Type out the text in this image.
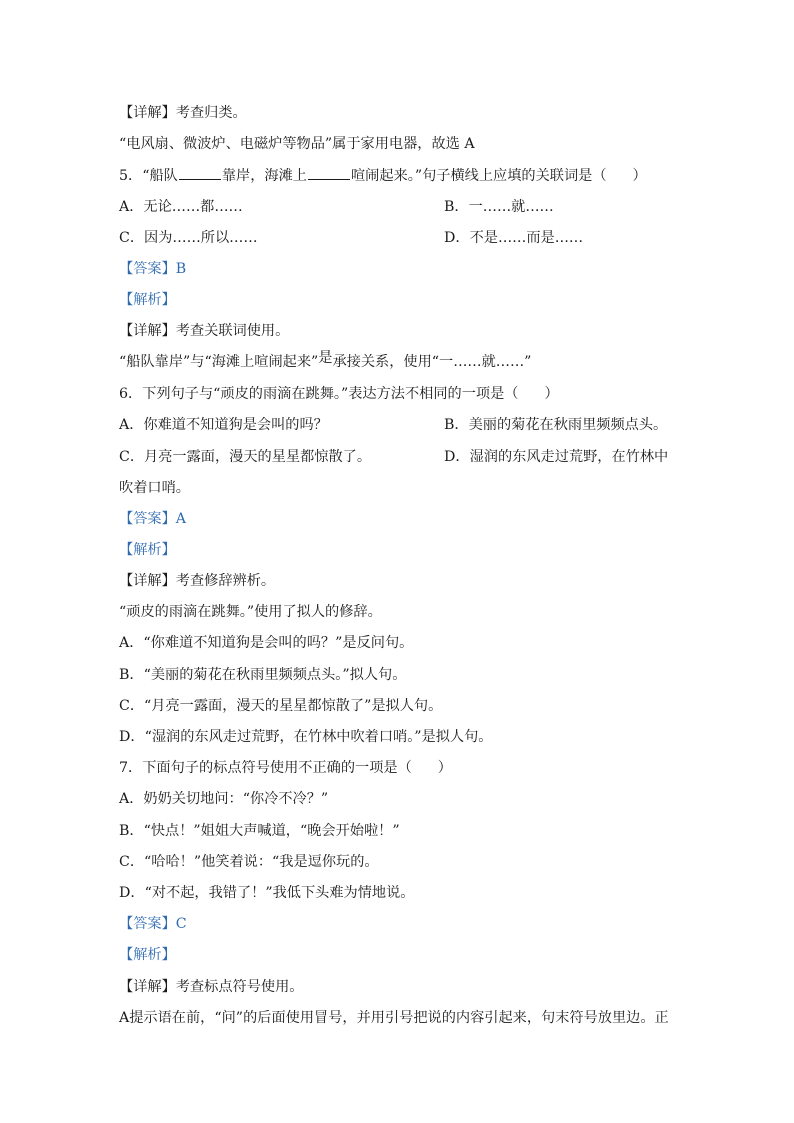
【详解】考查归类。
“电风扇、微波炉、电磁炉等物品”属于家用电器，故选 A
5．“船队	靠岸，海滩上	喧闹起来。”句子横线上应填的关联词是（ ）
A．无论……都……	B．一……就……
C．因为……所以……	D．不是……而是……
【答案】B
【解析】
【详解】考查关联词使用。
“船队靠岸”与“海滩上喧闹起来”是承接关系，使用“一……就……”
6．下列句子与“顽皮的雨滴在跳舞。”表达方法不相同的一项是（ ）
A．你难道不知道狗是会叫的吗？	B．美丽的菊花在秋雨里频频点头。
C．月亮一露面，漫天的星星都惊散了。	D．湿润的东风走过荒野，在竹林中
吹着口哨。
【答案】A
【解析】
【详解】考查修辞辨析。
“顽皮的雨滴在跳舞。”使用了拟人的修辞。
A．“你难道不知道狗是会叫的吗？”是反问句。
B．“美丽的菊花在秋雨里频频点头。”拟人句。
C．“月亮一露面，漫天的星星都惊散了”是拟人句。
D．“湿润的东风走过荒野，在竹林中吹着口哨。”是拟人句。
7．下面句子的标点符号使用不正确的一项是（ ）
A．奶奶关切地问：“你冷不冷？”
B．“快点！”姐姐大声喊道，“晚会开始啦！”
C．“哈哈！”他笑着说：“我是逗你玩的。
D．“对不起，我错了！”我低下头难为情地说。
【答案】C
【解析】
【详解】考查标点符号使用。
A提示语在前，“问”的后面使用冒号，并用引号把说的内容引起来，句末符号放里边。正
